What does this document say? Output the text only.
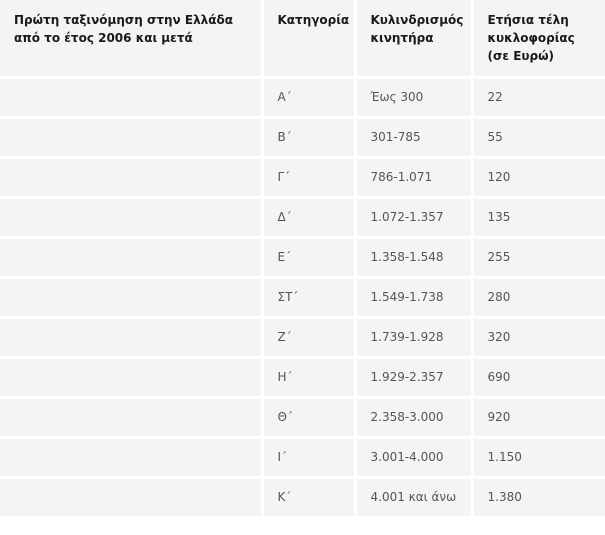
Πρώτη ταξινόμηση στην Ελλάδα από το έτος 2006 και μετά	Κατηγορία	Κυλινδρισμός κινητήρα	Ετήσια τέλη κυκλοφορίας (σε Ευρώ)
	Α΄	Έως 300	22
	Β΄	301-785	55
	Γ΄	786-1.071	120
	Δ΄	1.072-1.357	135
	Ε΄	1.358-1.548	255
	ΣΤ΄	1.549-1.738	280
	Ζ΄	1.739-1.928	320
	Η΄	1.929-2.357	690
	Θ΄	2.358-3.000	920
	Ι΄	3.001-4.000	1.150
	Κ΄	4.001 και άνω	1.380
